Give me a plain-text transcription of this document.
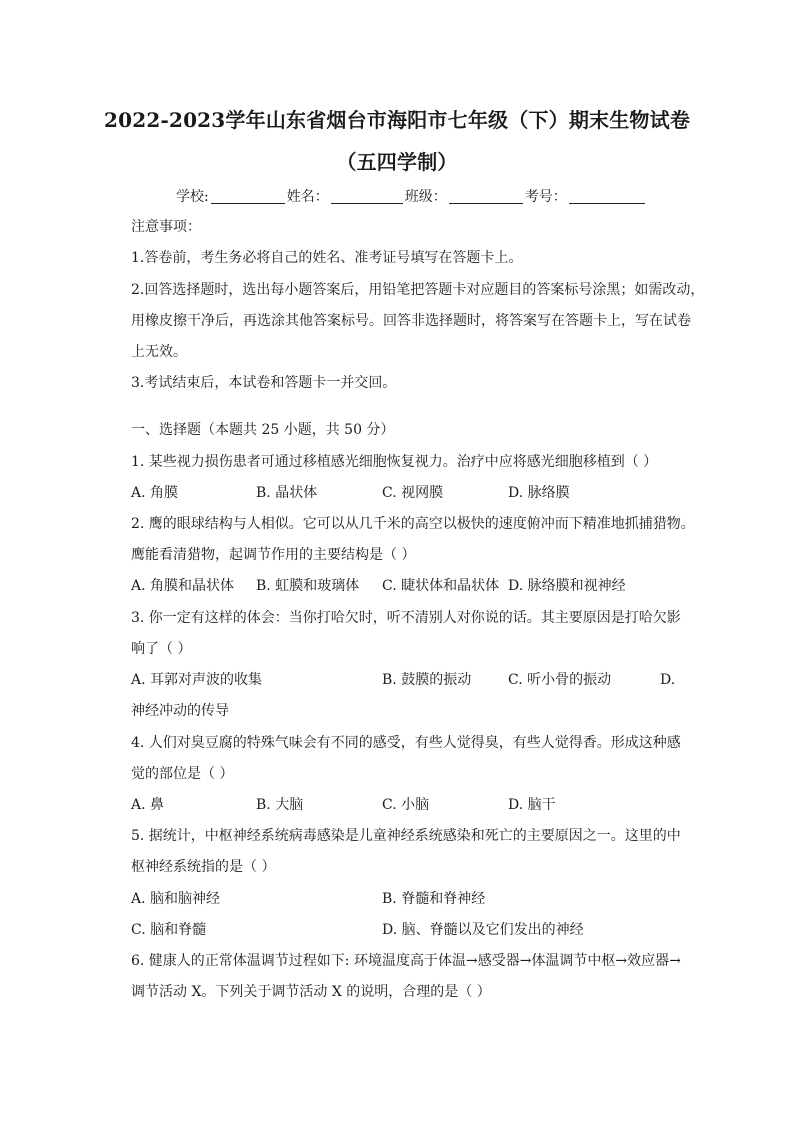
2022-2023学年山东省烟台市海阳市七年级（下）期末生物试卷
（五四学制）
学校:	姓名：	班级：	考号：
注意事项：
1.答卷前，考生务必将自己的姓名、准考证号填写在答题卡上。
2.回答选择题时，选出每小题答案后，用铅笔把答题卡对应题目的答案标号涂黑；如需改动，
用橡皮擦干净后，再选涂其他答案标号。回答非选择题时，将答案写在答题卡上，写在试卷
上无效。
3.考试结束后，本试卷和答题卡一并交回。
一、选择题（本题共 25 小题，共 50 分）
1. 某些视力损伤患者可通过移植感光细胞恢复视力。治疗中应将感光细胞移植到（ ）
A. 角膜	B. 晶状体	C. 视网膜	D. 脉络膜
2. 鹰的眼球结构与人相似。它可以从几千米的高空以极快的速度俯冲而下精准地抓捕猎物。
鹰能看清猎物，起调节作用的主要结构是（ ）
A. 角膜和晶状体 B. 虹膜和玻璃体 C. 睫状体和晶状体 D. 脉络膜和视神经
3. 你一定有这样的体会：当你打哈欠时，听不清别人对你说的话。其主要原因是打哈欠影
响了（ ）
A. 耳郭对声波的收集	B. 鼓膜的振动	C. 听小骨的振动	D.
神经冲动的传导
4. 人们对臭豆腐的特殊气味会有不同的感受，有些人觉得臭，有些人觉得香。形成这种感
觉的部位是（ ）
A. 鼻	B. 大脑	C. 小脑	D. 脑干
5. 据统计，中枢神经系统病毒感染是儿童神经系统感染和死亡的主要原因之一。这里的中
枢神经系统指的是（ ）
A. 脑和脑神经	B. 脊髓和脊神经
C. 脑和脊髓	D. 脑、脊髓以及它们发出的神经
6. 健康人的正常体温调节过程如下: 环境温度高于体温→感受器→体温调节中枢→效应器→
调节活动 X。下列关于调节活动 X 的说明，合理的是（ ）
